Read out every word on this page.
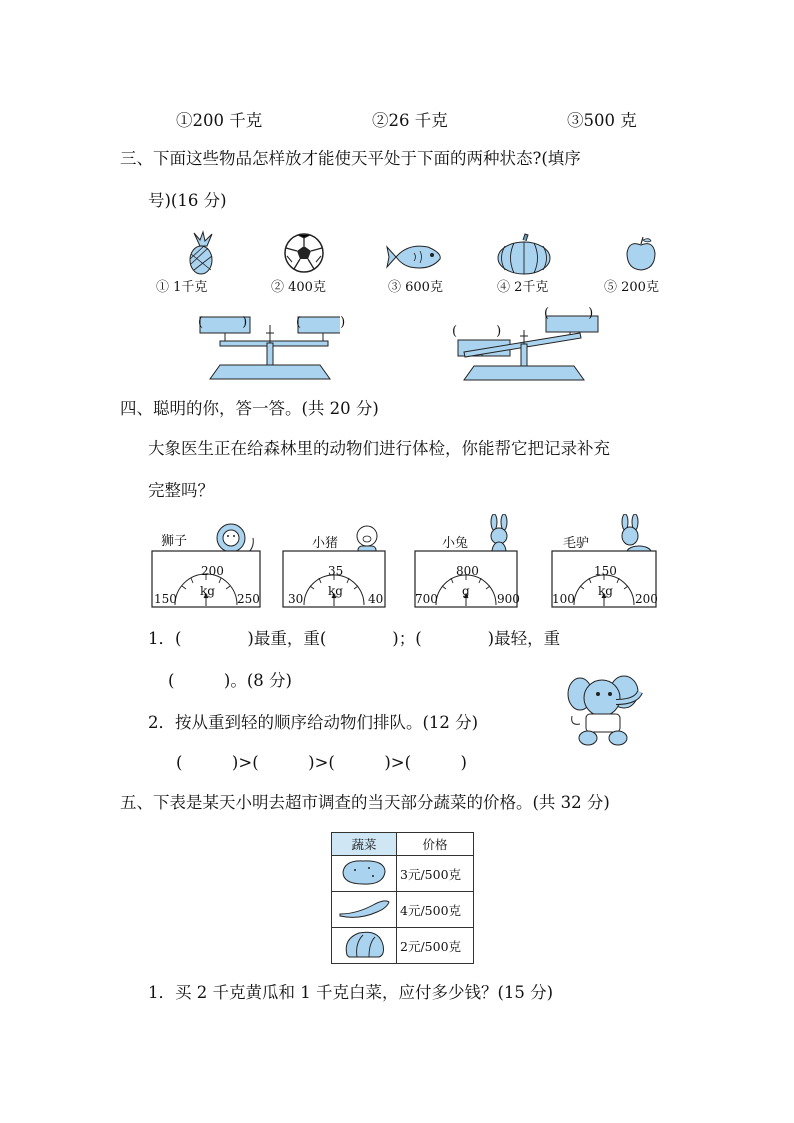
①200 千克	②26 千克	③500 克
三、下面这些物品怎样放才能使天平处于下面的两种状态?(填序
号)(16 分)
① 1千克	② 400克	③ 600克	④ 2千克	⑤ 200克
(　　　)	(　　　)
(　　　)
(　　　)
四、聪明的你，答一答。(共 20 分)
大象医生正在给森林里的动物们进行体检，你能帮它把记录补充
完整吗？
狮子
200
150	250
kg
小猪
35
30	40
kg
小兔
800
700	900
g
毛驴
150
100	200
kg
1．(　　　　)最重，重(　　　　)；(　　　　)最轻，重
(　　　)。(8 分)
2．按从重到轻的顺序给动物们排队。(12 分)
(　　　)>(　　　)>(　　　)>(　　　)
五、下表是某天小明去超市调查的当天部分蔬菜的价格。(共 32 分)
蔬菜	价格
	3元/500克
	4元/500克
	2元/500克
1．买 2 千克黄瓜和 1 千克白菜，应付多少钱？(15 分)
